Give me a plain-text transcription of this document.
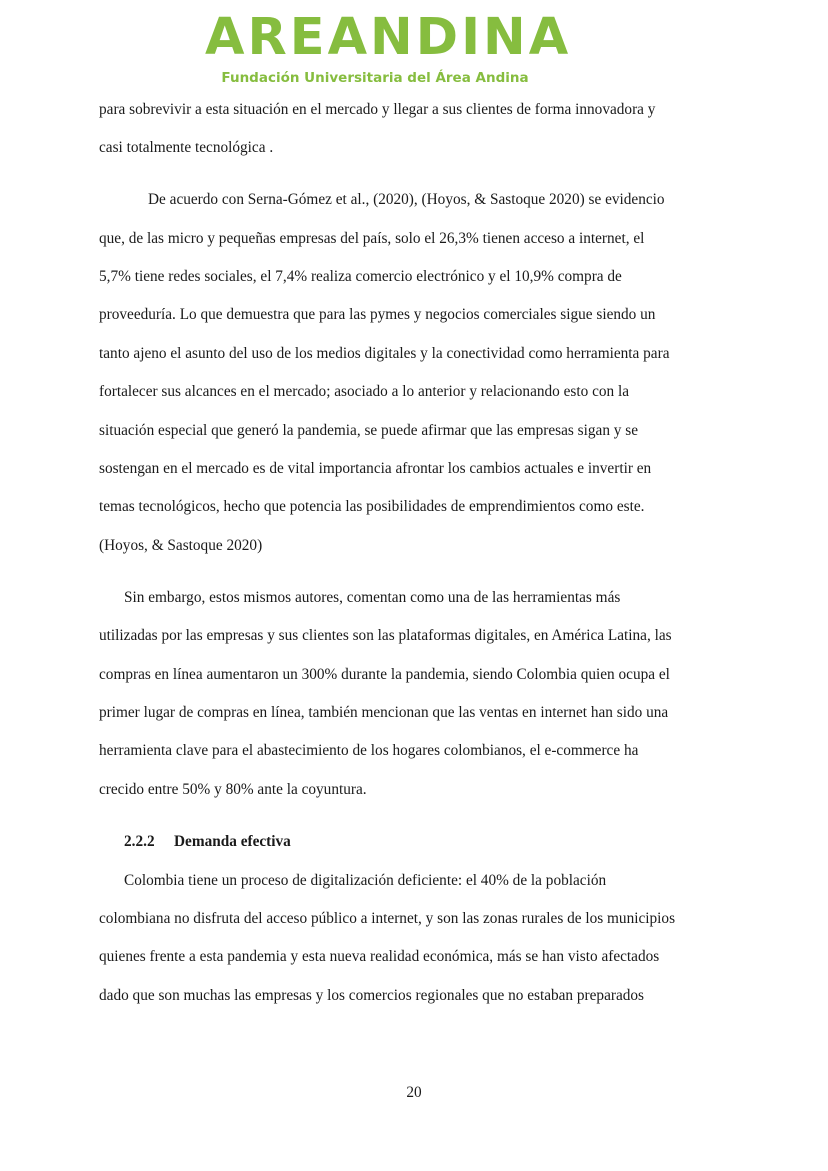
AREANDINA
Fundación Universitaria del Área Andina
para sobrevivir a esta situación en el mercado y llegar a sus clientes de forma innovadora y
casi totalmente tecnológica .
De acuerdo con Serna-Gómez et al., (2020), (Hoyos, & Sastoque 2020) se evidencio
que, de las micro y pequeñas empresas del país, solo el 26,3% tienen acceso a internet, el
5,7% tiene redes sociales, el 7,4% realiza comercio electrónico y el 10,9% compra de
proveeduría. Lo que demuestra que para las pymes y negocios comerciales sigue siendo un
tanto ajeno el asunto del uso de los medios digitales y la conectividad como herramienta para
fortalecer sus alcances en el mercado; asociado a lo anterior y relacionando esto con la
situación especial que generó la pandemia, se puede afirmar que las empresas sigan y se
sostengan en el mercado es de vital importancia afrontar los cambios actuales e invertir en
temas tecnológicos, hecho que potencia las posibilidades de emprendimientos como este.
(Hoyos, & Sastoque 2020)
Sin embargo, estos mismos autores, comentan como una de las herramientas más
utilizadas por las empresas y sus clientes son las plataformas digitales, en América Latina, las
compras en línea aumentaron un 300% durante la pandemia, siendo Colombia quien ocupa el
primer lugar de compras en línea, también mencionan que las ventas en internet han sido una
herramienta clave para el abastecimiento de los hogares colombianos, el e-commerce ha
crecido entre 50% y 80% ante la coyuntura.
2.2.2 Demanda efectiva
Colombia tiene un proceso de digitalización deficiente: el 40% de la población
colombiana no disfruta del acceso público a internet, y son las zonas rurales de los municipios
quienes frente a esta pandemia y esta nueva realidad económica, más se han visto afectados
dado que son muchas las empresas y los comercios regionales que no estaban preparados
20
